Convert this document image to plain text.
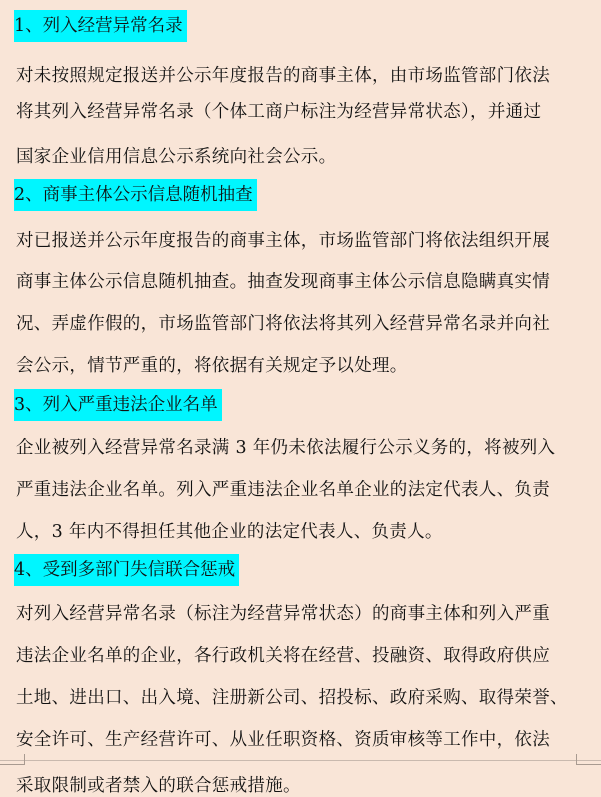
1、列入经营异常名录
对未按照规定报送并公示年度报告的商事主体，由市场监管部门依法
将其列入经营异常名录（个体工商户标注为经营异常状态），并通过
国家企业信用信息公示系统向社会公示。
2、商事主体公示信息随机抽查
对已报送并公示年度报告的商事主体，市场监管部门将依法组织开展
商事主体公示信息随机抽查。抽查发现商事主体公示信息隐瞒真实情
况、弄虚作假的，市场监管部门将依法将其列入经营异常名录并向社
会公示，情节严重的，将依据有关规定予以处理。
3、列入严重违法企业名单
企业被列入经营异常名录满 3 年仍未依法履行公示义务的，将被列入
严重违法企业名单。列入严重违法企业名单企业的法定代表人、负责
人，3 年内不得担任其他企业的法定代表人、负责人。
4、受到多部门失信联合惩戒
对列入经营异常名录（标注为经营异常状态）的商事主体和列入严重
违法企业名单的企业，各行政机关将在经营、投融资、取得政府供应
土地、进出口、出入境、注册新公司、招投标、政府采购、取得荣誉、
安全许可、生产经营许可、从业任职资格、资质审核等工作中，依法
采取限制或者禁入的联合惩戒措施。
